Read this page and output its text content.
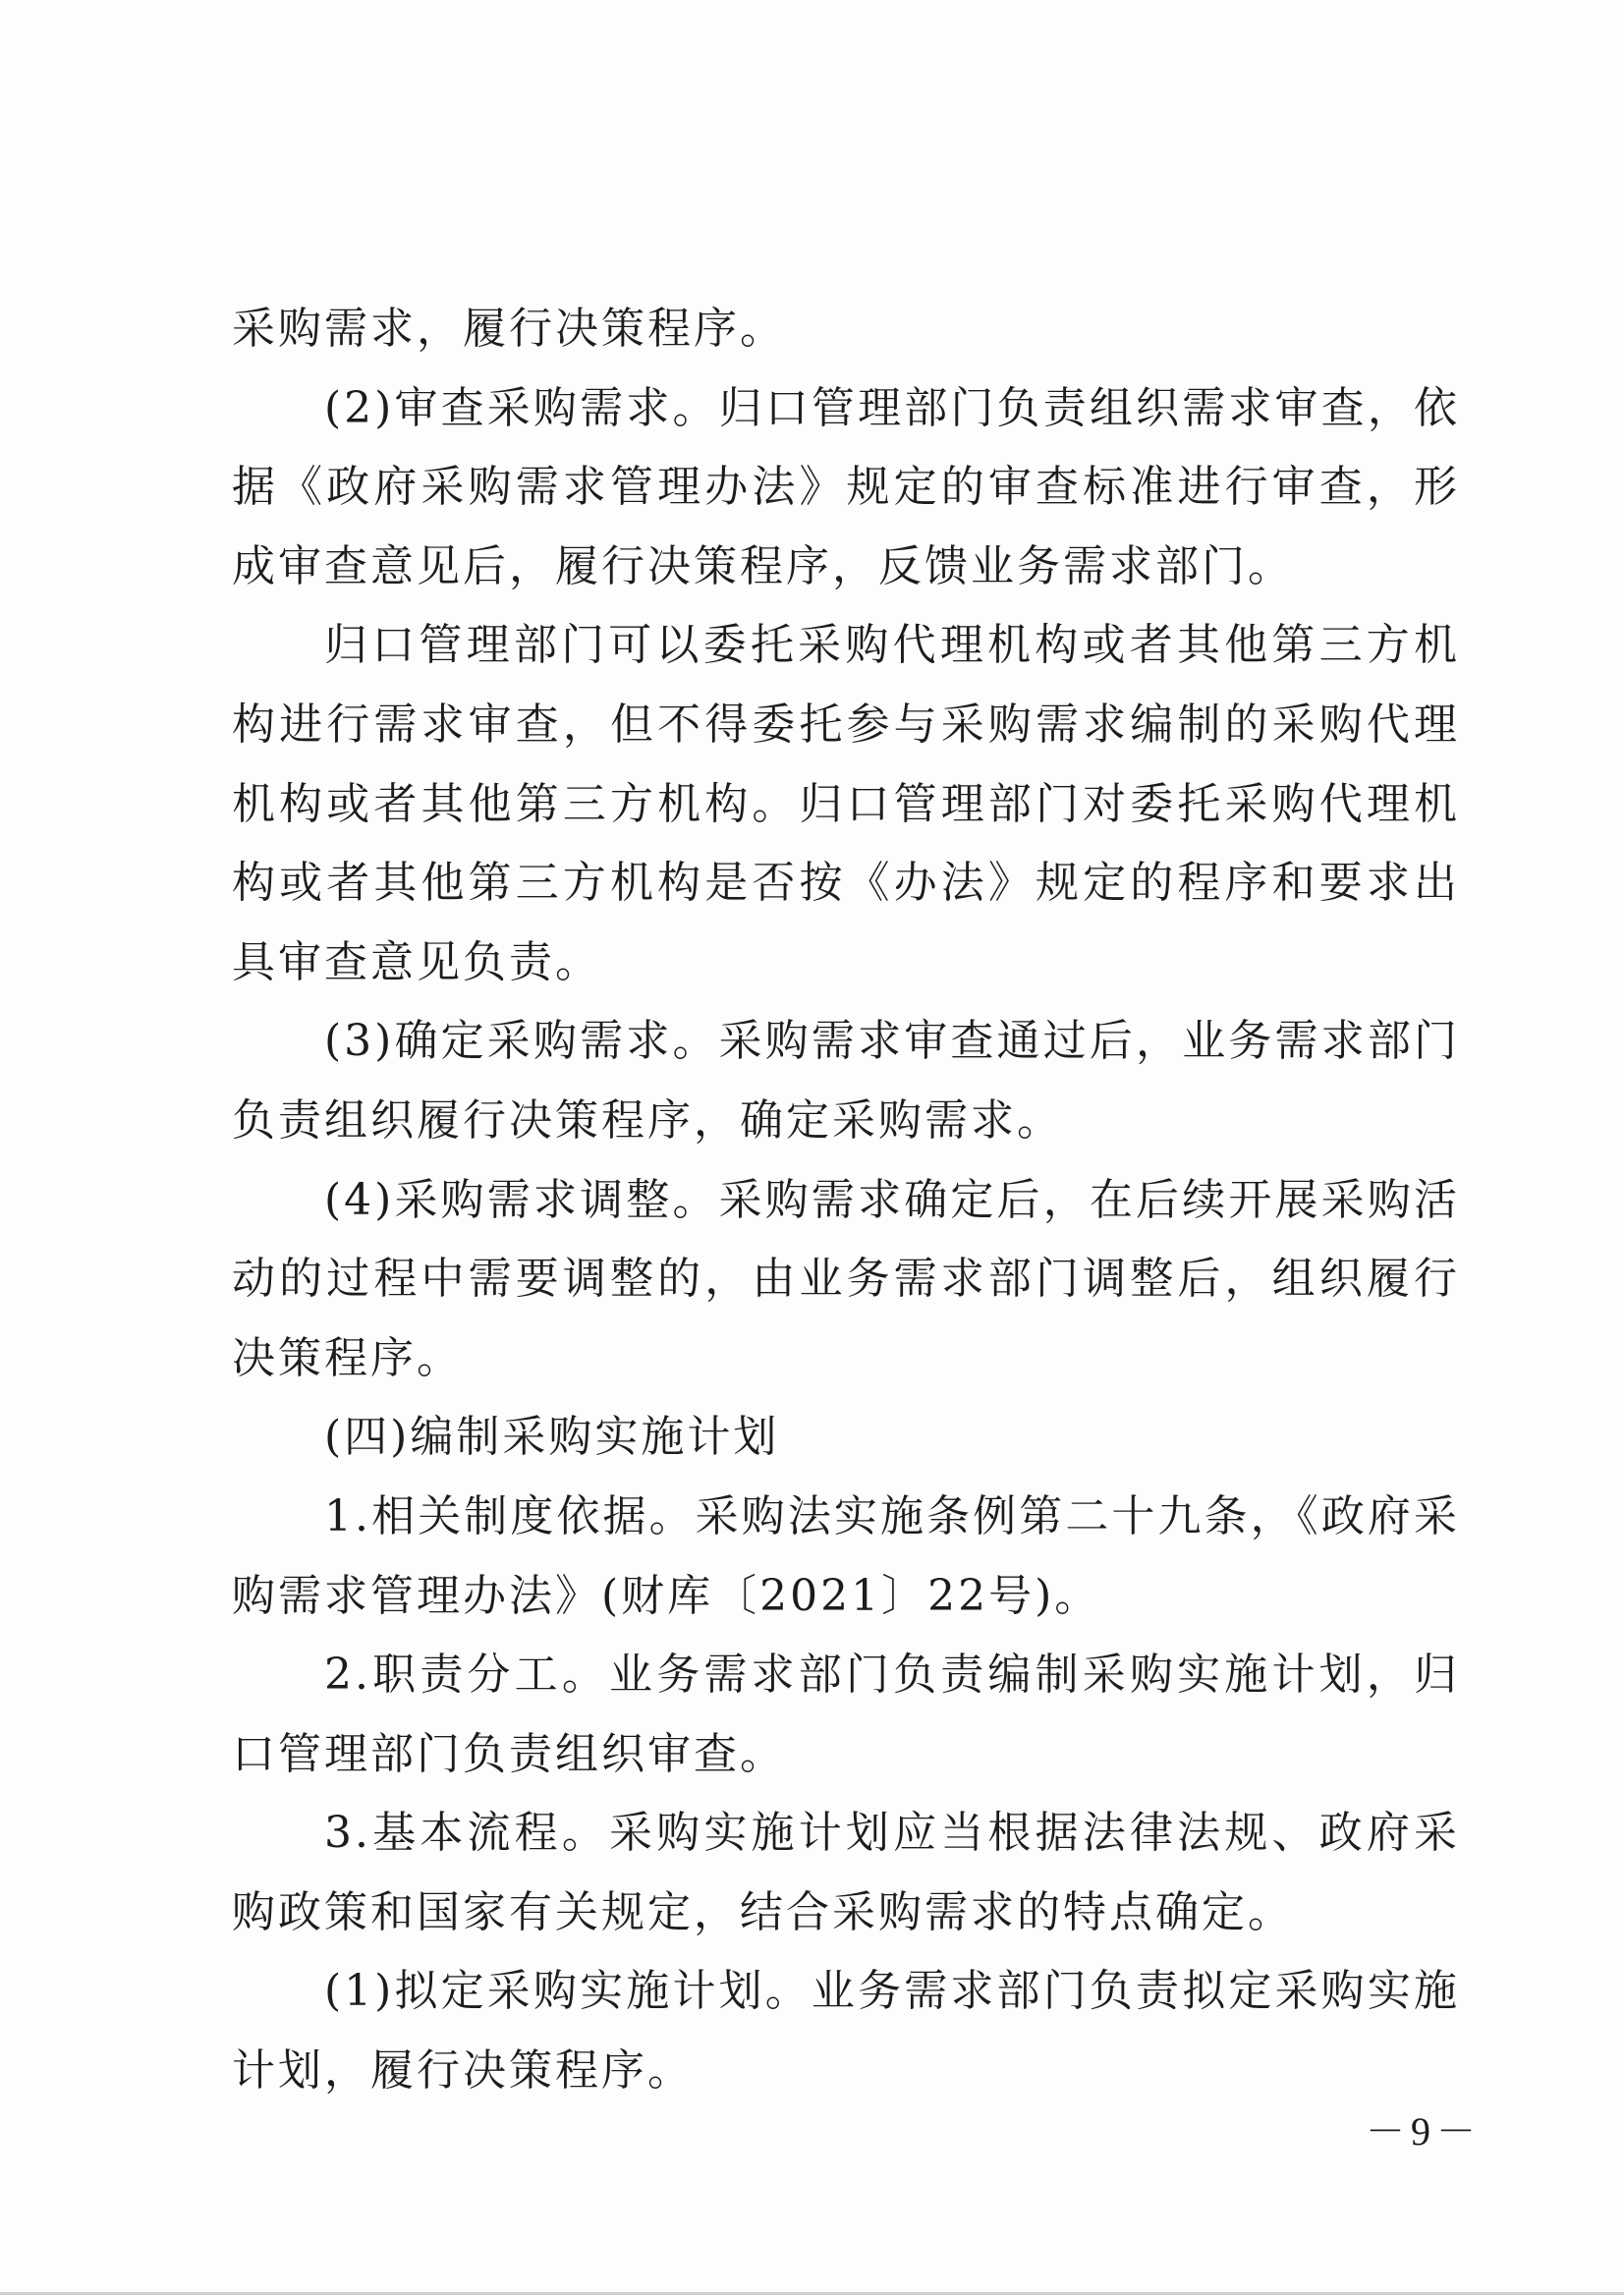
采购需求，履行决策程序。

(2)审查采购需求。归口管理部门负责组织需求审查，依据《政府采购需求管理办法》规定的审查标准进行审查，形成审查意见后，履行决策程序，反馈业务需求部门。

归口管理部门可以委托采购代理机构或者其他第三方机构进行需求审查，但不得委托参与采购需求编制的采购代理机构或者其他第三方机构。归口管理部门对委托采购代理机构或者其他第三方机构是否按《办法》规定的程序和要求出具审查意见负责。

(3)确定采购需求。采购需求审查通过后，业务需求部门负责组织履行决策程序，确定采购需求。

(4)采购需求调整。采购需求确定后，在后续开展采购活动的过程中需要调整的，由业务需求部门调整后，组织履行决策程序。

(四)编制采购实施计划

1.相关制度依据。采购法实施条例第二十九条，《政府采购需求管理办法》(财库〔2021〕22号)。

2.职责分工。业务需求部门负责编制采购实施计划，归口管理部门负责组织审查。

3.基本流程。采购实施计划应当根据法律法规、政府采购政策和国家有关规定，结合采购需求的特点确定。

(1)拟定采购实施计划。业务需求部门负责拟定采购实施计划，履行决策程序。

－9－
